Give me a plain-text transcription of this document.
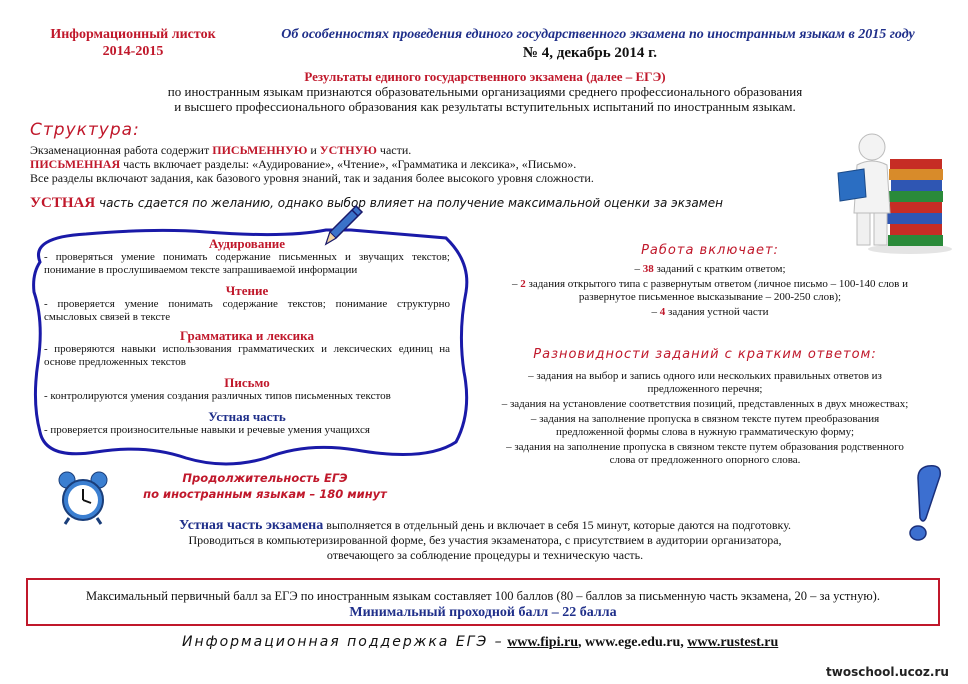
Информационный листок
2014-2015
Об особенностях проведения единого государственного экзамена по иностранным языкам в 2015 году
№ 4, декабрь 2014 г.
Результаты единого государственного экзамена (далее – ЕГЭ)
по иностранным языкам признаются образовательными организациями среднего профессионального образования
и высшего профессионального образования как результаты вступительных испытаний по иностранным языкам.
Структура:
Экзаменационная работа содержит ПИСЬМЕННУЮ и УСТНУЮ части.
ПИСЬМЕННАЯ часть включает разделы: «Аудирование», «Чтение», «Грамматика и лексика», «Письмо».
Все разделы включают задания, как базового уровня знаний, так и задания более высокого уровня сложности.
УСТНАЯ часть сдается по желанию, однако выбор влияет на получение максимальной оценки за экзамен
Аудирование
- проверяться умение понимать содержание письменных и звучащих текстов; понимание в прослушиваемом тексте запрашиваемой информации
Чтение
- проверяется умение понимать содержание текстов; понимание структурно смысловых связей в тексте
Грамматика и лексика
- проверяются навыки использования грамматических и лексических единиц на основе предложенных текстов
Письмо
- контролируются умения создания различных типов письменных текстов
Устная часть
- проверяется произносительные навыки и речевые умения учащихся
Продолжительность ЕГЭ
по иностранным языкам – 180 минут
Работа включает:
– 38 заданий с кратким ответом;
– 2 задания открытого типа с развернутым ответом (личное письмо – 100-140 слов и развернутое письменное высказывание – 200-250 слов);
– 4 задания устной части
Разновидности заданий с кратким ответом:
– задания на выбор и запись одного или нескольких правильных ответов из предложенного перечня;
– задания на установление соответствия позиций, представленных в двух множествах;
– задания на заполнение пропуска в связном тексте путем преобразования предложенной формы слова в нужную грамматическую форму;
– задания на заполнение пропуска в связном тексте путем образования родственного слова от предложенного опорного слова.
Устная часть экзамена выполняется в отдельный день и включает в себя 15 минут, которые даются на подготовку.
Проводиться в компьютеризированной форме, без участия экзаменатора, с присутствием в аудитории организатора,
отвечающего за соблюдение процедуры и техническую часть.
Максимальный первичный балл за ЕГЭ по иностранным языкам составляет 100 баллов (80 – баллов за письменную часть экзамена, 20 – за устную).
Минимальный проходной балл – 22 балла
Информационная поддержка ЕГЭ – www.fipi.ru, www.ege.edu.ru, www.rustest.ru
twoschool.ucoz.ru
